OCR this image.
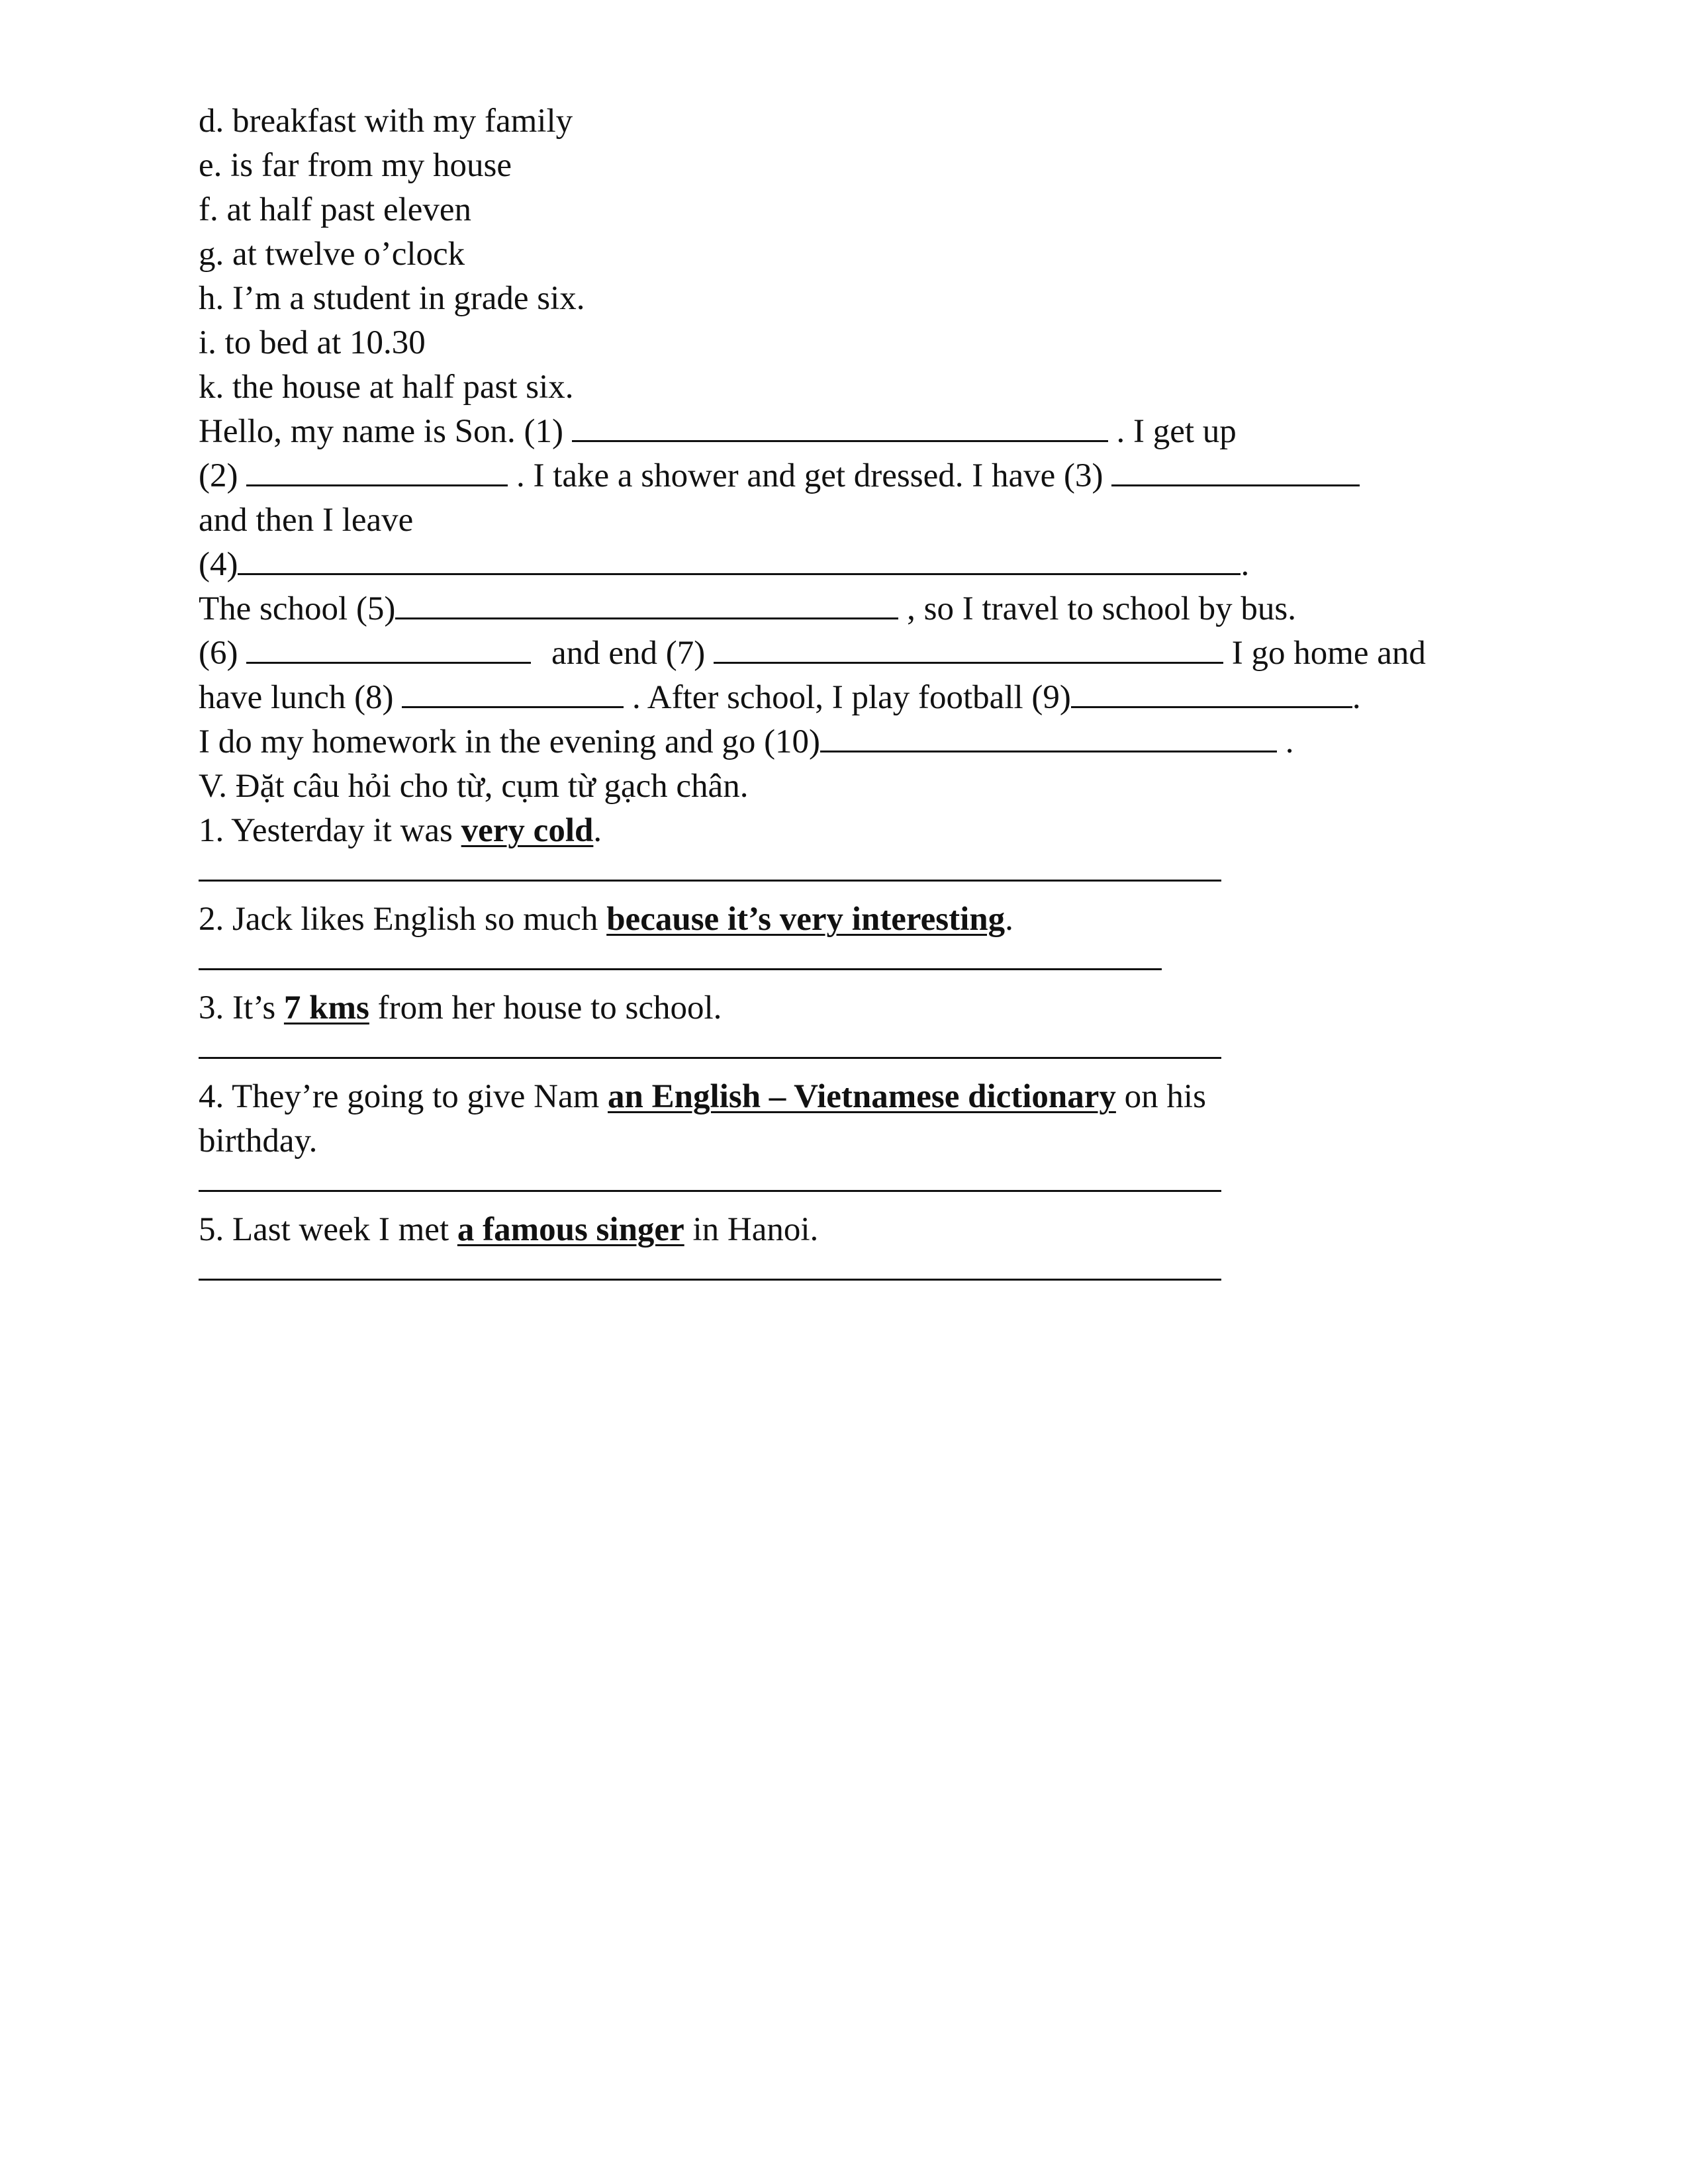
d. breakfast with my family
e. is far from my house
f. at half past eleven
g. at twelve o’clock
h. I’m a student in grade six.
i. to bed at 10.30
k. the house at half past six.
Hello, my name is Son. (1)	. I get up
(2)	. I take a shower and get dressed. I have (3)
and then I leave
(4)	.
The school (5)	, so I travel to school by bus.
(6)	and end (7)	I go home and
have lunch (8)	. After school, I play football (9)	.
I do my homework in the evening and go (10)	.
V. Đặt câu hỏi cho từ, cụm từ gạch chân.
1. Yesterday it was very cold.
2. Jack likes English so much because it’s very interesting.
3. It’s 7 kms from her house to school.
4. They’re going to give Nam an English – Vietnamese dictionary on his
birthday.
5. Last week I met a famous singer in Hanoi.
